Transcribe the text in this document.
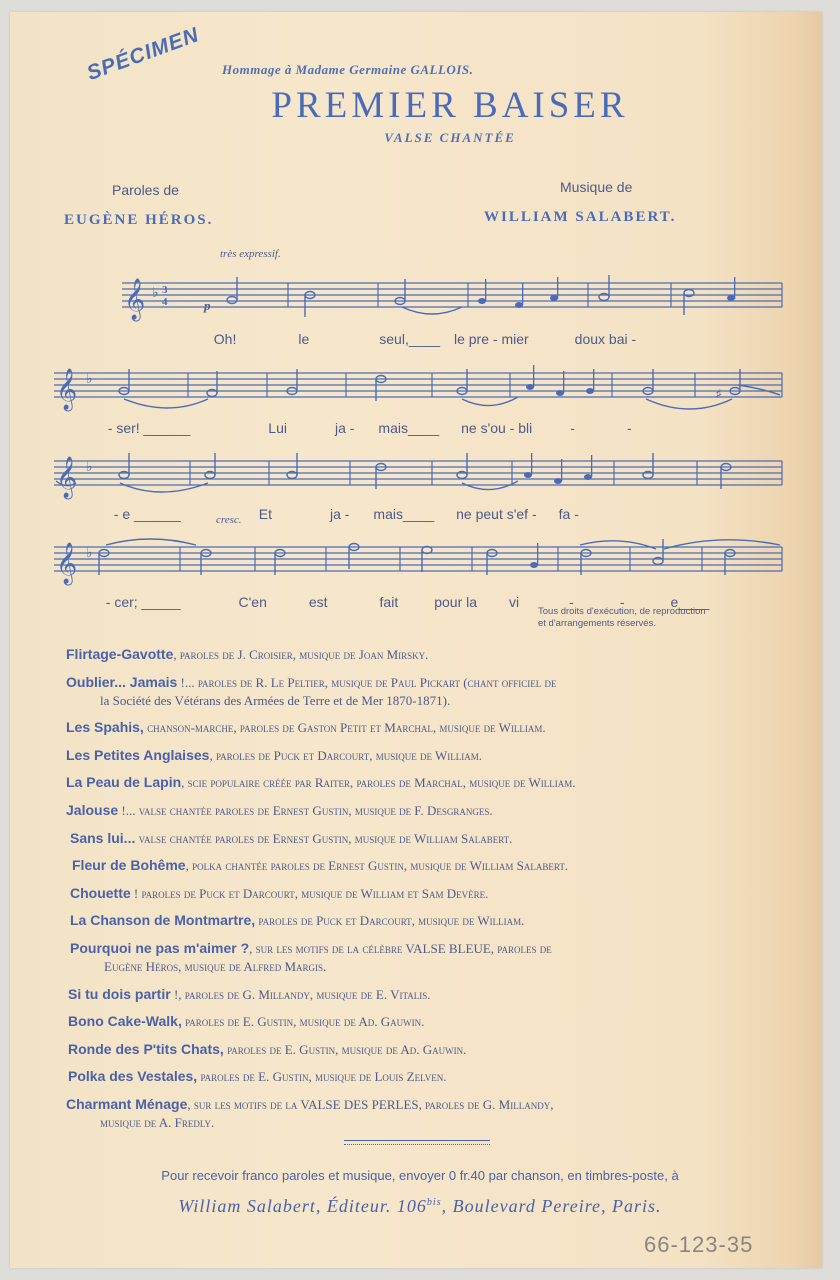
SPÉCIMEN Hommage à Madame Germaine GALLOIS.
PREMIER BAISER
VALSE CHANTÉE
Paroles de
EUGÈNE HÉROS.
Musique de
WILLIAM SALABERT.
très expressif.
p
cresc.
𝄞 ♭ 3
4

Oh!	le	seul,____ le pre - mier	doux bai -

𝄞 ♭
♯

- ser! ______	Lui	ja - mais____ ne s'ou - bli	-	-

𝄞 ♭

- e ______	Et	ja - mais____ ne peut s'ef - fa -

𝄞 ♭

- cer; _____	C'en	est	fait	pour la vi	-	-	e____

Tous droits d'exécution, de reproduction
et d'arrangements réservés.
Flirtage-Gavotte, paroles de J. Croisier, musique de Joan Mirsky.
Oublier... Jamais !... paroles de R. Le Peltier, musique de Paul Pickart (chant officiel de
la Société des Vétérans des Armées de Terre et de Mer 1870-1871).
Les Spahis, chanson-marche, paroles de Gaston Petit et Marchal, musique de William.
Les Petites Anglaises, paroles de Puck et Darcourt, musique de William.
La Peau de Lapin, scie populaire créée par Raiter, paroles de Marchal, musique de William.
Jalouse !... valse chantée paroles de Ernest Gustin, musique de F. Desgranges.
Sans lui... valse chantée paroles de Ernest Gustin, musique de William Salabert.
Fleur de Bohême, polka chantée paroles de Ernest Gustin, musique de William Salabert.
Chouette ! paroles de Puck et Darcourt, musique de William et Sam Devère.
La Chanson de Montmartre, paroles de Puck et Darcourt, musique de William.
Pourquoi ne pas m'aimer ?, sur les motifs de la célèbre VALSE BLEUE, paroles de
Eugène Héros, musique de Alfred Margis.
Si tu dois partir !, paroles de G. Millandy, musique de E. Vitalis.
Bono Cake-Walk, paroles de E. Gustin, musique de Ad. Gauwin.
Ronde des P'tits Chats, paroles de E. Gustin, musique de Ad. Gauwin.
Polka des Vestales, paroles de E. Gustin, musique de Louis Zelven.
Charmant Ménage, sur les motifs de la VALSE DES PERLES, paroles de G. Millandy,
musique de A. Fredly.
Pour recevoir franco paroles et musique, envoyer 0 fr.40 par chanson, en timbres-poste, à
William Salabert, Éditeur. $106^{bis}$, Boulevard Pereire, Paris.
66-123-35
